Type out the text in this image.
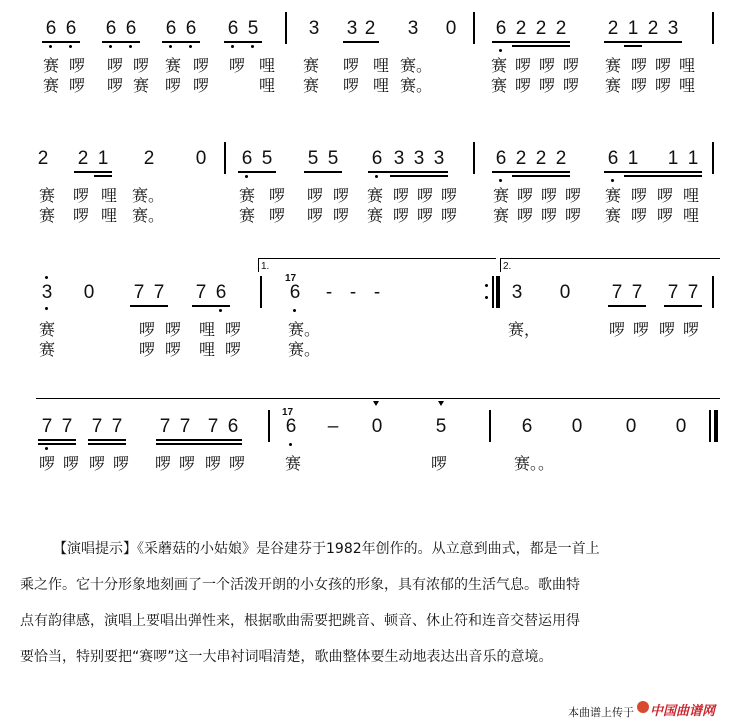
6 6 6 6 6 6 6 5	3 3 2 3 0 6 2 2 2 2 1 2 3
赛 啰 啰 啰 赛 啰 啰 哩 赛 啰 哩 赛。	赛 啰 啰 啰 赛 啰 啰 哩
赛 啰 啰 赛 啰 啰	哩 赛 啰 哩 赛。	赛 啰 啰 啰 赛 啰 啰 哩
2 2 1 2 0 6 5 5 5 6 3 3 3	6 2 2 2 6 1 1 1
赛 啰 哩 赛。	赛 啰 啰 啰 赛 啰 啰 啰 赛 啰 啰 啰 赛 啰 啰 哩
赛 啰 哩 赛。	赛 啰 啰 啰 赛 啰 啰 啰 赛 啰 啰 啰 赛 啰 啰 哩
1.	2.
3 0 7 7 7 6	6 - - -	3 0 7 7 7 7
17
赛	啰 啰 哩 啰	赛。	赛，	啰 啰 啰 啰
赛	啰 啰 哩 啰	赛。
7 7 7 7 7 7 7 6 6 – 0	5	6 0 0 0
17
啰 啰 啰 啰 啰 啰 啰 啰 赛	啰	赛。。

【演唱提示】《采蘑菇的小姑娘》是谷建芬于1982年创作的。从立意到曲式，都是一首上

乘之作。它十分形象地刻画了一个活泼开朗的小女孩的形象，具有浓郁的生活气息。歌曲特

点有韵律感，演唱上要唱出弹性来，根据歌曲需要把跳音、顿音、休止符和连音交替运用得

要恰当，特别要把“赛啰”这一大串衬词唱清楚，歌曲整体要生动地表达出音乐的意境。

本曲谱上传于 中国曲谱网
